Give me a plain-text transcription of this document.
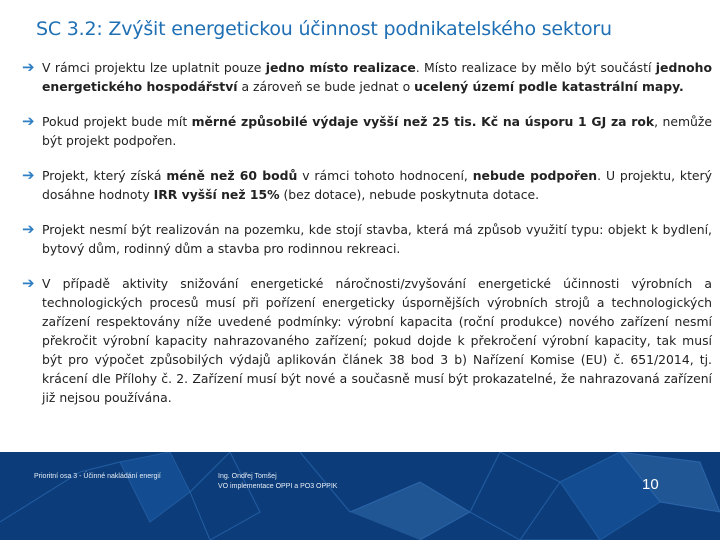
SC 3.2: Zvýšit energetickou účinnost podnikatelského sektoru
➔ V rámci projektu lze uplatnit pouze jedno místo realizace. Místo realizace by mělo být součástí jednoho energetického hospodářství a zároveň se bude jednat o ucelený území podle katastrální mapy.
➔ Pokud projekt bude mít měrné způsobilé výdaje vyšší než 25 tis. Kč na úsporu 1 GJ za rok, nemůže být projekt podpořen.
➔ Projekt, který získá méně než 60 bodů v rámci tohoto hodnocení, nebude podpořen. U projektu, který dosáhne hodnoty IRR vyšší než 15% (bez dotace), nebude poskytnuta dotace.
➔ Projekt nesmí být realizován na pozemku, kde stojí stavba, která má způsob využití typu: objekt k bydlení, bytový dům, rodinný dům a stavba pro rodinnou rekreaci.
➔ V případě aktivity snižování energetické náročnosti/zvyšování energetické účinnosti výrobních a technologických procesů musí při pořízení energeticky úspornějších výrobních strojů a technologických zařízení respektovány níže uvedené podmínky: výrobní kapacita (roční produkce) nového zařízení nesmí překročit výrobní kapacity nahrazovaného zařízení; pokud dojde k překročení výrobní kapacity, tak musí být pro výpočet způsobilých výdajů aplikován článek 38 bod 3 b) Nařízení Komise (EU) č. 651/2014, tj. krácení dle Přílohy č. 2. Zařízení musí být nové a současně musí být prokazatelné, že nahrazovaná zařízení již nejsou používána.
Prioritní osa 3 - Účinné nakládání energií	Ing. Ondřej Tomšej
VO implementace OPPI a PO3 OPPIK	10
